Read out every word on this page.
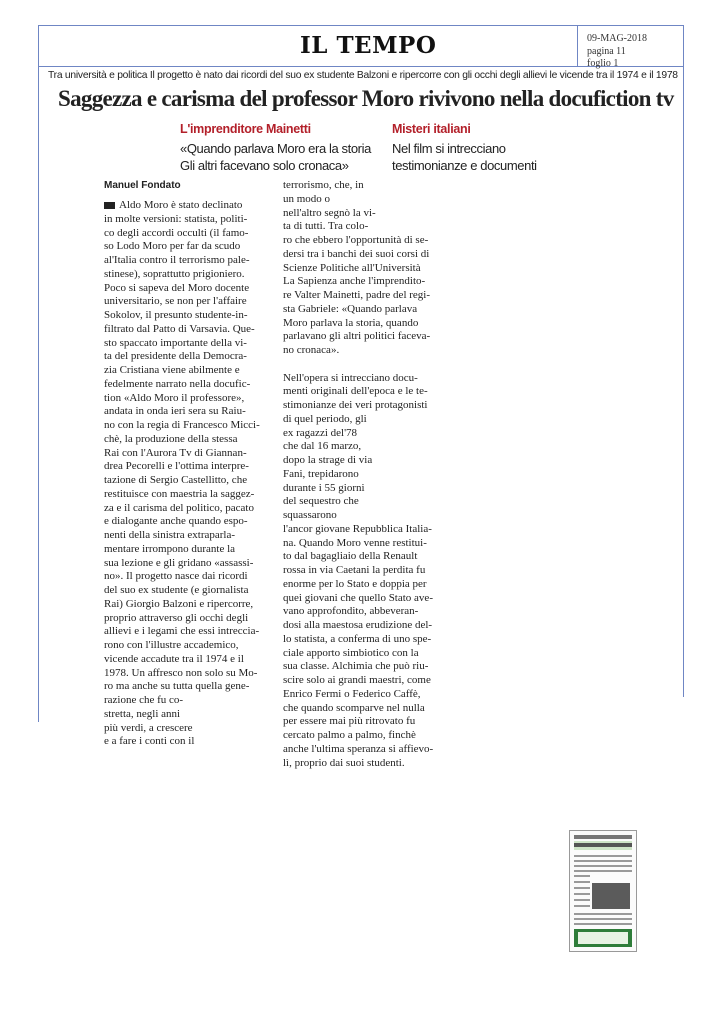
IL TEMPO	09-MAG-2018
pagina 11
foglio 1
Tra università e politica Il progetto è nato dai ricordi del suo ex studente Balzoni e ripercorre con gli occhi degli allievi le vicende tra il 1974 e il 1978
Saggezza e carisma del professor Moro rivivono nella docufiction tv
L'imprenditore Mainetti
«Quando parlava Moro era la storia
Gli altri facevano solo cronaca»
Misteri italiani
Nel film si intrecciano
testimonianze e documenti
Manuel Fondato
Aldo Moro è stato declinato
in molte versioni: statista, politi-
co degli accordi occulti (il famo-
so Lodo Moro per far da scudo
al'Italia contro il terrorismo pale-
stinese), soprattutto prigioniero.
Poco si sapeva del Moro docente
universitario, se non per l'affaire
Sokolov, il presunto studente-in-
filtrato dal Patto di Varsavia. Que-
sto spaccato importante della vi-
ta del presidente della Democra-
zia Cristiana viene abilmente e
fedelmente narrato nella docufic-
tion «Aldo Moro il professore»,
andata in onda ieri sera su Raiu-
no con la regia di Francesco Micci-
chè, la produzione della stessa
Rai con l'Aurora Tv di Giannan-
drea Pecorelli e l'ottima interpre-
tazione di Sergio Castellitto, che
restituisce con maestria la saggez-
za e il carisma del politico, pacato
e dialogante anche quando espo-
nenti della sinistra extraparla-
mentare irrompono durante la
sua lezione e gli gridano «assassi-
no». Il progetto nasce dai ricordi
del suo ex studente (e giornalista
Rai) Giorgio Balzoni e ripercorre,
proprio attraverso gli occhi degli
allievi e i legami che essi intreccia-
rono con l'illustre accademico,
vicende accadute tra il 1974 e il
1978. Un affresco non solo su Mo-
ro ma anche su tutta quella gene-
razione che fu co-
stretta, negli anni
più verdi, a crescere
e a fare i conti con il
terrorismo, che, in
un modo o
nell'altro segnò la vi-
ta di tutti. Tra colo-
ro che ebbero l'opportunità di se-
dersi tra i banchi dei suoi corsi di
Scienze Politiche all'Università
La Sapienza anche l'imprendito-
re Valter Mainetti, padre del regi-
sta Gabriele: «Quando parlava
Moro parlava la storia, quando
parlavano gli altri politici faceva-
no cronaca».
Nell'opera si intrecciano docu-
menti originali dell'epoca e le te-
stimonianze dei veri protagonisti
di quel periodo, gli
ex ragazzi del'78
che dal 16 marzo,
dopo la strage di via
Fani, trepidarono
durante i 55 giorni
del sequestro che
squassarono
l'ancor giovane Repubblica Italia-
na. Quando Moro venne restitui-
to dal bagagliaio della Renault
rossa in via Caetani la perdita fu
enorme per lo Stato e doppia per
quei giovani che quello Stato ave-
vano approfondito, abbeveran-
dosi alla maestosa erudizione del-
lo statista, a conferma di uno spe-
ciale apporto simbiotico con la
sua classe. Alchimia che può riu-
scire solo ai grandi maestri, come
Enrico Fermi o Federico Caffè,
che quando scomparve nel nulla
per essere mai più ritrovato fu
cercato palmo a palmo, finchè
anche l'ultima speranza si affievo-
lì, proprio dai suoi studenti.
